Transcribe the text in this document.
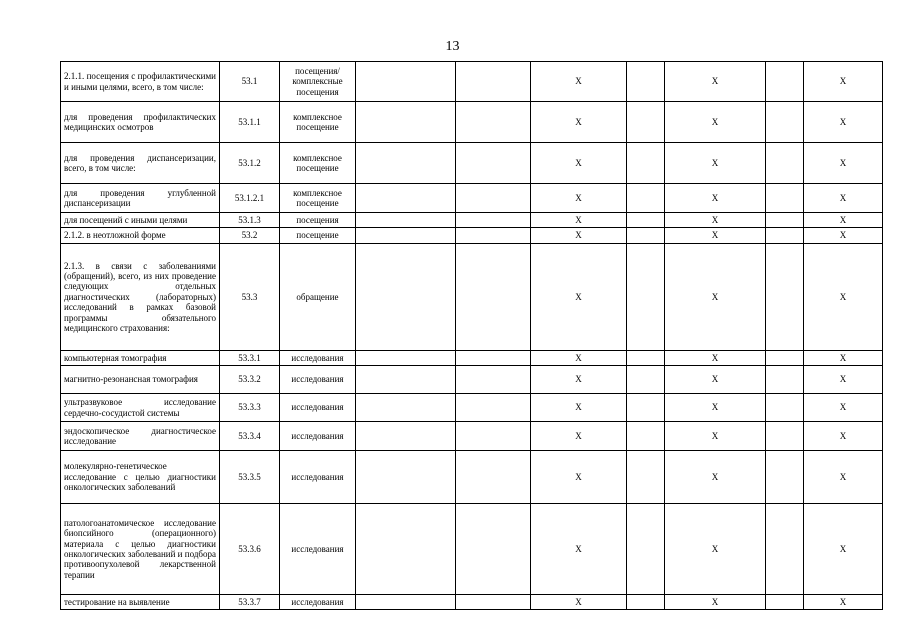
13
2.1.1. посещения с профилактическими и иными целями, всего, в том числе:	53.1	посещения/комплексные посещения			X		X		X
для проведения профилактических медицинских осмотров	53.1.1	комплексное посещение			X		X		X
для проведения диспансеризации, всего, в том числе:	53.1.2	комплексное посещение			X		X		X
для проведения углубленной диспансеризации	53.1.2.1	комплексное посещение			X		X		X
для посещений с иными целями	53.1.3	посещения			X		X		X
2.1.2. в неотложной форме	53.2	посещение			X		X		X
2.1.3. в связи с заболеваниями (обращений), всего, из них проведение следующих отдельных диагностических (лабораторных) исследований в рамках базовой программы обязательного медицинского страхования:	53.3	обращение			X		X		X
компьютерная томография	53.3.1	исследования			X		X		X
магнитно-резонансная томография	53.3.2	исследования			X		X		X
ультразвуковое исследование сердечно-сосудистой системы	53.3.3	исследования			X		X		X
эндоскопическое диагностическое исследование	53.3.4	исследования			X		X		X
молекулярно-генетическое исследование с целью диагностики онкологических заболеваний	53.3.5	исследования			X		X		X
патологоанатомическое исследование биопсийного (операционного) материала с целью диагностики онкологических заболеваний и подбора противоопухолевой лекарственной терапии	53.3.6	исследования			X		X		X
тестирование на выявление	53.3.7	исследования			X		X		X
